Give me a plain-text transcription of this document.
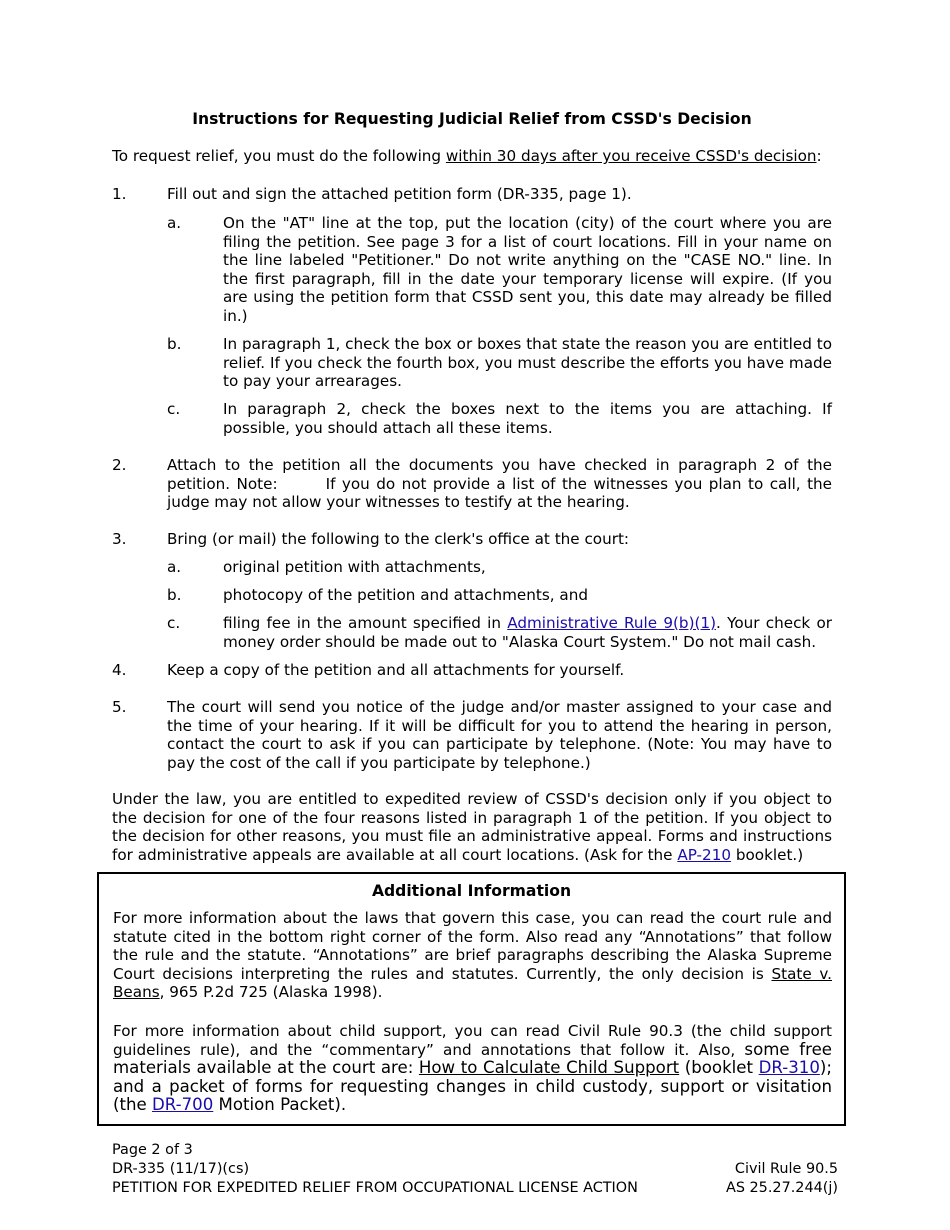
Instructions for Requesting Judicial Relief from CSSD's Decision
To request relief, you must do the following within 30 days after you receive CSSD's decision:
1.	Fill out and sign the attached petition form (DR-335, page 1).
a.	On the "AT" line at the top, put the location (city) of the court where you are filing the petition. See page 3 for a list of court locations. Fill in your name on the line labeled "Petitioner." Do not write anything on the "CASE NO." line. In the first paragraph, fill in the date your temporary license will expire. (If you are using the petition form that CSSD sent you, this date may already be filled in.)
b.	In paragraph 1, check the box or boxes that state the reason you are entitled to relief. If you check the fourth box, you must describe the efforts you have made to pay your arrearages.
c.	In paragraph 2, check the boxes next to the items you are attaching. If possible, you should attach all these items.
2.	Attach to the petition all the documents you have checked in paragraph 2 of the petition. Note:	If you do not provide a list of the witnesses you plan to call, the judge may not allow your witnesses to testify at the hearing.
3.	Bring (or mail) the following to the clerk's office at the court:
a.	original petition with attachments,
b.	photocopy of the petition and attachments, and
c.	filing fee in the amount specified in Administrative Rule 9(b)(1). Your check or money order should be made out to "Alaska Court System." Do not mail cash.
4.	Keep a copy of the petition and all attachments for yourself.
5.	The court will send you notice of the judge and/or master assigned to your case and the time of your hearing. If it will be difficult for you to attend the hearing in person, contact the court to ask if you can participate by telephone. (Note: You may have to pay the cost of the call if you participate by telephone.)
Under the law, you are entitled to expedited review of CSSD's decision only if you object to the decision for one of the four reasons listed in paragraph 1 of the petition. If you object to the decision for other reasons, you must file an administrative appeal. Forms and instructions for administrative appeals are available at all court locations. (Ask for the AP-210 booklet.)
Additional Information
For more information about the laws that govern this case, you can read the court rule and statute cited in the bottom right corner of the form. Also read any “Annotations” that follow the rule and the statute. “Annotations” are brief paragraphs describing the Alaska Supreme Court decisions interpreting the rules and statutes. Currently, the only decision is State v. Beans, 965 P.2d 725 (Alaska 1998).
For more information about child support, you can read Civil Rule 90.3 (the child support guidelines rule), and the “commentary” and annotations that follow it. Also, some free materials available at the court are: How to Calculate Child Support (booklet DR-310); and a packet of forms for requesting changes in child custody, support or visitation (the DR-700 Motion Packet).
Page 2 of 3
DR-335 (11/17)(cs)	Civil Rule 90.5
PETITION FOR EXPEDITED RELIEF FROM OCCUPATIONAL LICENSE ACTION	AS 25.27.244(j)
